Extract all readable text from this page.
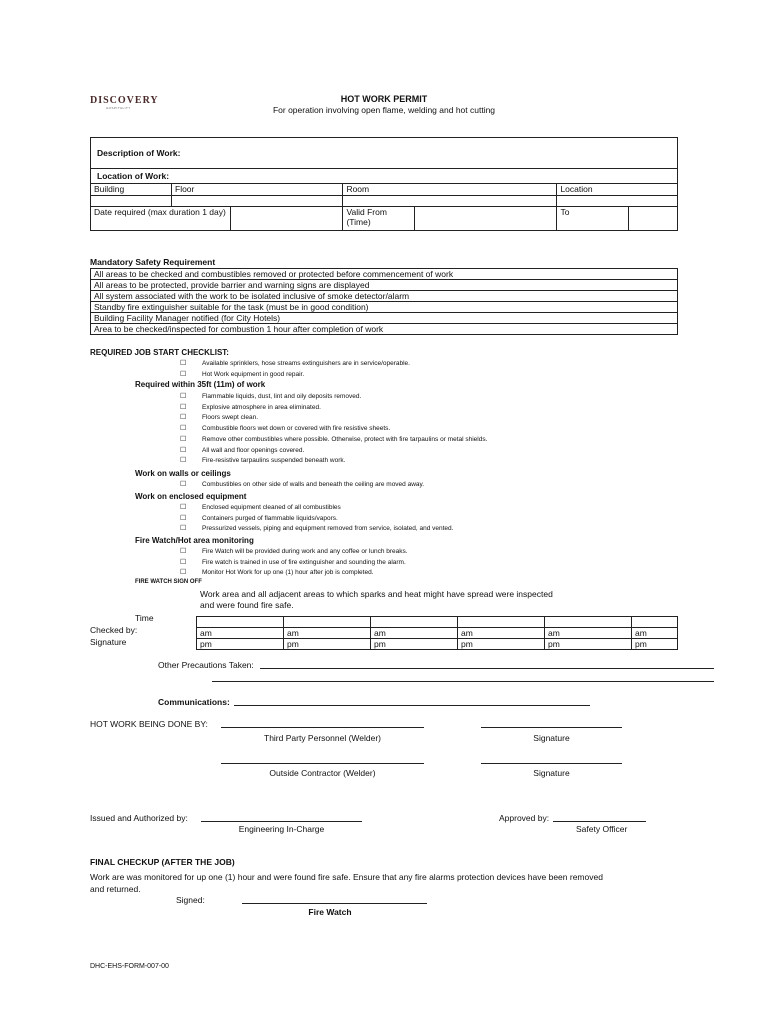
DISCOVERY
HOSPITALITY
HOT WORK PERMIT
For operation involving open flame, welding and hot cutting
Description of Work:					
Location of Work:					
Building	Floor		Room		Location

Date required (max duration 1 day)			Valid From (Time)		To
Mandatory Safety Requirement
All areas to be checked and combustibles removed or protected before commencement of work
All areas to be protected, provide barrier and warning signs are displayed
All system associated with the work to be isolated inclusive of smoke detector/alarm
Standby fire extinguisher suitable for the task (must be in good condition)
Building Facility Manager notified (for City Hotels)
Area to be checked/inspected for combustion 1 hour after completion of work
REQUIRED JOB START CHECKLIST:
☐ Available sprinklers, hose streams extinguishers are in service/operable.
☐ Hot Work equipment in good repair.
Required within 35ft (11m) of work
☐ Flammable liquids, dust, lint and oily deposits removed.
☐ Explosive atmosphere in area eliminated.
☐ Floors swept clean.
☐ Combustible floors wet down or covered with fire resistive sheets.
☐ Remove other combustibles where possible. Otherwise, protect with fire tarpaulins or metal shields.
☐ All wall and floor openings covered.
☐ Fire-resistive tarpaulins suspended beneath work.
Work on walls or ceilings
☐ Combustibles on other side of walls and beneath the ceiling are moved away.
Work on enclosed equipment
☐ Enclosed equipment cleaned of all combustibles
☐ Containers purged of flammable liquids/vapors.
☐ Pressurized vessels, piping and equipment removed from service, isolated, and vented.
Fire Watch/Hot area monitoring
☐ Fire Watch will be provided during work and any coffee or lunch breaks.
☐ Fire watch is trained in use of fire extinguisher and sounding the alarm.
☐ Monitor Hot Work for up one (1) hour after job is completed.
FIRE WATCH SIGN OFF
Work area and all adjacent areas to which sparks and heat might have spread were inspected
and were found fire safe.
Time
Checked by:
Signature

am	am	am	am	am	am
pm	pm	pm	pm	pm	pm
Other Precautions Taken:
Communications:
HOT WORK BEING DONE BY:
Third Party Personnel (Welder)	Signature
Outside Contractor (Welder)	Signature
Issued and Authorized by:
Engineering In-Charge
Approved by:
Safety Officer
FINAL CHECKUP (AFTER THE JOB)
Work are was monitored for up one (1) hour and were found fire safe. Ensure that any fire alarms protection devices have been removed
and returned.
Signed:
Fire Watch
DHC-EHS-FORM-007-00
